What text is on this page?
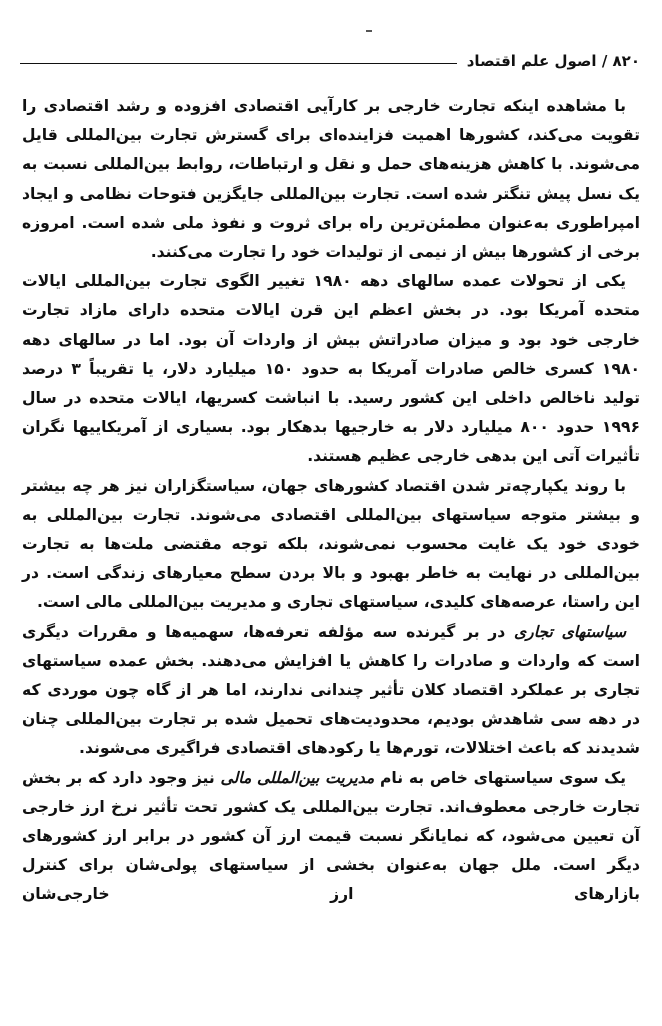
۸۲۰ / اصول علم اقتصاد

با مشاهده اینکه تجارت خارجی بر کارآیی اقتصادی افزوده و رشد اقتصادی را تقویت می‌کند، کشورها اهمیت فزاینده‌ای برای گسترش تجارت بین‌المللی قایل می‌شوند. با کاهش هزینه‌های حمل و نقل و ارتباطات، روابط بین‌المللی نسبت به یک نسل پیش تنگتر شده است. تجارت بین‌المللی جایگزین فتوحات نظامی و ایجاد امپراطوری به‌عنوان مطمئن‌ترین راه برای ثروت و نفوذ ملی شده است. امروزه برخی از کشورها بیش از نیمی از تولیدات خود را تجارت می‌کنند.

یکی از تحولات عمده سالهای دهه ۱۹۸۰ تغییر الگوی تجارت بین‌المللی ایالات متحده آمریکا بود. در بخش اعظم این قرن ایالات متحده دارای مازاد تجارت خارجی خود بود و میزان صادراتش بیش از واردات آن بود. اما در سالهای دهه ۱۹۸۰ کسری خالص صادرات آمریکا به حدود ۱۵۰ میلیارد دلار، یا تقریباً ۳ درصد تولید ناخالص داخلی این کشور رسید. با انباشت کسریها، ایالات متحده در سال ۱۹۹۶ حدود ۸۰۰ میلیارد دلار به خارجیها بدهکار بود. بسیاری از آمریکاییها نگران تأثیرات آتی این بدهی خارجی عظیم هستند.

با روند یکپارچه‌تر شدن اقتصاد کشورهای جهان، سیاستگزاران نیز هر چه بیشتر و بیشتر متوجه سیاستهای بین‌المللی اقتصادی می‌شوند. تجارت بین‌المللی به خودی خود یک غایت محسوب نمی‌شوند، بلکه توجه مقتضی ملت‌ها به تجارت بین‌المللی در نهایت به خاطر بهبود و بالا بردن سطح معیارهای زندگی است. در این راستا، عرصه‌های کلیدی، سیاستهای تجاری و مدیریت بین‌المللی مالی است.

سیاستهای تجاری در بر گیرنده سه مؤلفه تعرفه‌ها، سهمیه‌ها و مقررات دیگری است که واردات و صادرات را کاهش یا افزایش می‌دهند. بخش عمده سیاستهای تجاری بر عملکرد اقتصاد کلان تأثیر چندانی ندارند، اما هر از گاه چون موردی که در دهه سی شاهدش بودیم، محدودیت‌های تحمیل شده بر تجارت بین‌المللی چنان شدیدند که باعث اختلالات، تورم‌ها یا رکودهای اقتصادی فراگیری می‌شوند.

یک سوی سیاستهای خاص به نام مدیریت بین‌المللی مالی نیز وجود دارد که بر بخش تجارت خارجی معطوف‌اند. تجارت بین‌المللی یک کشور تحت تأثیر نرخ ارز خارجی آن تعیین می‌شود، که نمایانگر نسبت قیمت ارز آن کشور در برابر ارز کشورهای دیگر است. ملل جهان به‌عنوان بخشی از سیاستهای پولی‌شان برای کنترل بازارهای ارز خارجی‌شان
